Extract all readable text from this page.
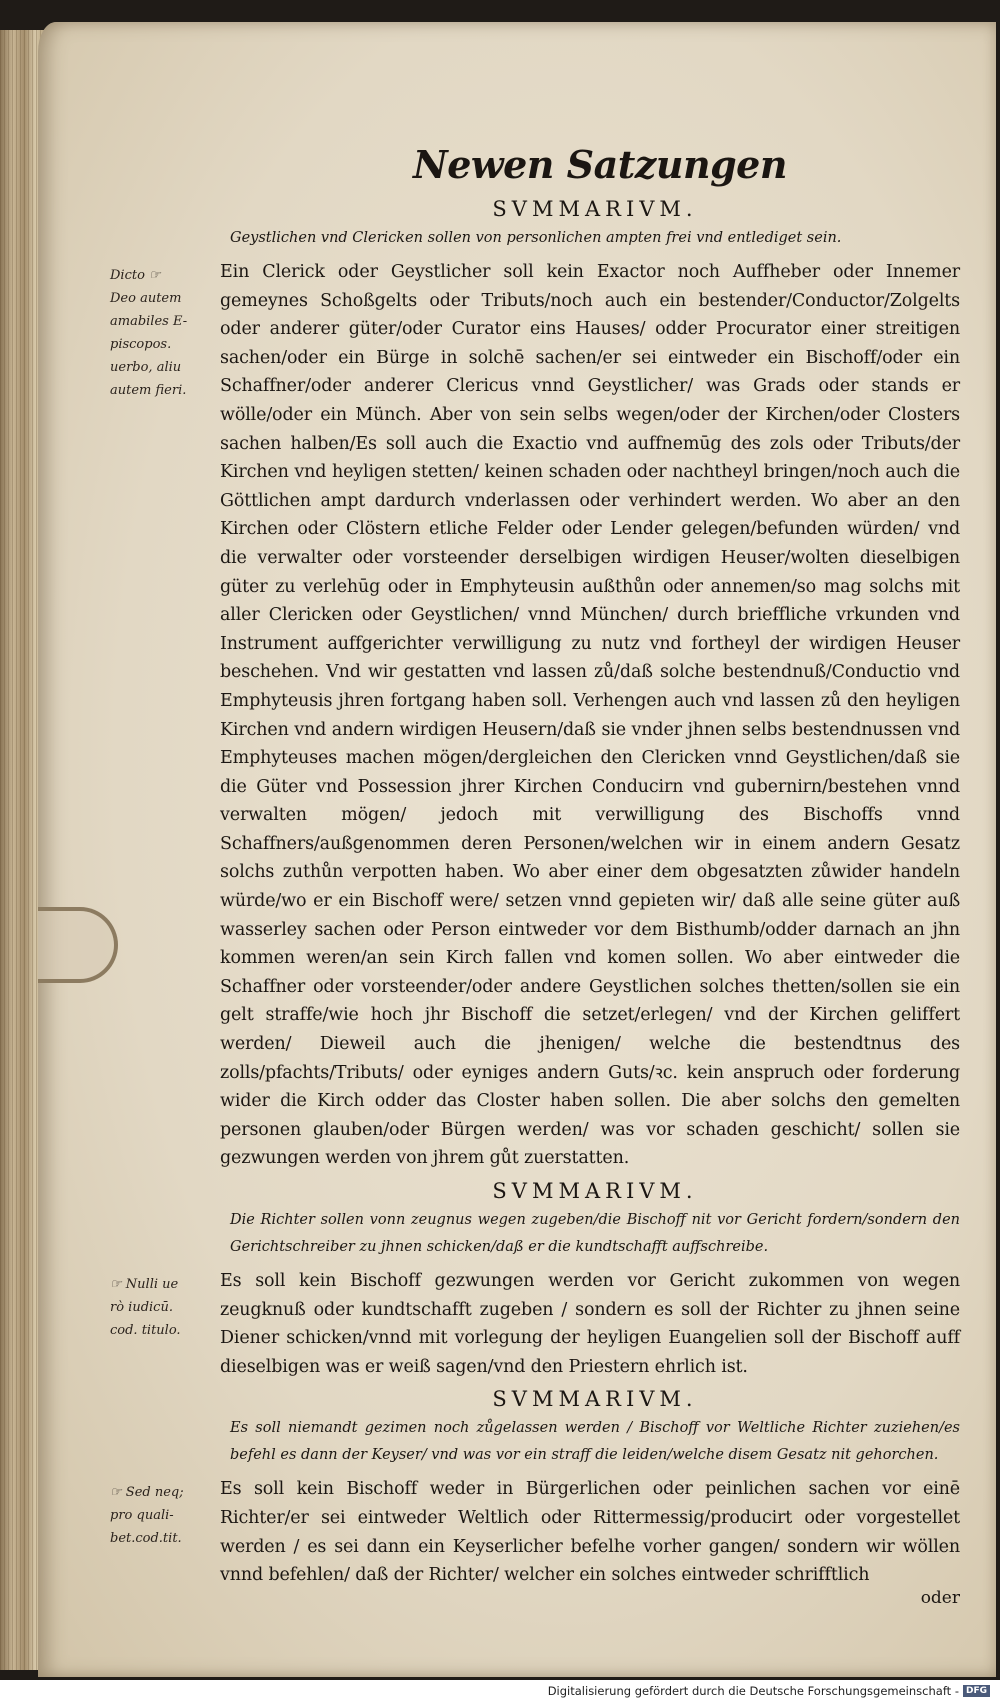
Newen Satzungen
SVMMARIVM.
Geystlichen vnd Clericken sollen von personlichen ampten frei vnd entlediget sein.
Dicto ☞
Deo autem
amabiles E-
piscopos.
uerbo, aliu
autem fieri.
Ein Clerick oder Geystlicher soll kein Exactor noch Auffheber oder Innemer gemeynes Schoßgelts oder Tributs/noch auch ein bestender/Conductor/Zolgelts oder anderer güter/oder Curator eins Hauses/ odder Procurator einer streitigen sachen/oder ein Bürge in solchē sachen/er sei eintweder ein Bischoff/oder ein Schaffner/oder anderer Clericus vnnd Geystlicher/ was Grads oder stands er wölle/oder ein Münch. Aber von sein selbs wegen/oder der Kirchen/oder Closters sachen halben/Es soll auch die Exactio vnd auffnemūg des zols oder Tributs/der Kirchen vnd heyligen stetten/ keinen schaden oder nachtheyl bringen/noch auch die Göttlichen ampt dardurch vnderlassen oder verhindert werden. Wo aber an den Kirchen oder Clöstern etliche Felder oder Lender gelegen/befunden würden/ vnd die verwalter oder vorsteender derselbigen wirdigen Heuser/wolten dieselbigen güter zu verlehūg oder in Emphyteusin außthůn oder annemen/so mag solchs mit aller Clericken oder Geystlichen/ vnnd München/ durch brieffliche vrkunden vnd Instrument auffgerichter verwilligung zu nutz vnd fortheyl der wirdigen Heuser beschehen. Vnd wir gestatten vnd lassen zů/daß solche bestendnuß/Conductio vnd Emphyteusis jhren fortgang haben soll. Verhengen auch vnd lassen zů den heyligen Kirchen vnd andern wirdigen Heusern/daß sie vnder jhnen selbs bestendnussen vnd Emphyteuses machen mögen/dergleichen den Clericken vnnd Geystlichen/daß sie die Güter vnd Possession jhrer Kirchen Conducirn vnd gubernirn/bestehen vnnd verwalten mögen/ jedoch mit verwilligung des Bischoffs vnnd Schaffners/außgenommen deren Personen/welchen wir in einem andern Gesatz solchs zuthůn verpotten haben. Wo aber einer dem obgesatzten zůwider handeln würde/wo er ein Bischoff were/ setzen vnnd gepieten wir/ daß alle seine güter auß wasserley sachen oder Person eintweder vor dem Bisthumb/odder darnach an jhn kommen weren/an sein Kirch fallen vnd komen sollen. Wo aber eintweder die Schaffner oder vorsteender/oder andere Geystlichen solches thetten/sollen sie ein gelt straffe/wie hoch jhr Bischoff die setzet/erlegen/ vnd der Kirchen geliffert werden/ Dieweil auch die jhenigen/ welche die bestendtnus des zolls/pfachts/Tributs/ oder eyniges andern Guts/ꝛc. kein anspruch oder forderung wider die Kirch odder das Closter haben sollen. Die aber solchs den gemelten personen glauben/oder Bürgen werden/ was vor schaden geschicht/ sollen sie gezwungen werden von jhrem gůt zuerstatten.
SVMMARIVM.
Die Richter sollen vonn zeugnus wegen zugeben/die Bischoff nit vor Gericht fordern/sondern den Gerichtschreiber zu jhnen schicken/daß er die kundtschafft auffschreibe.
☞ Nulli ue
rò iudicū.
cod. titulo.
Es soll kein Bischoff gezwungen werden vor Gericht zukommen von wegen zeugknuß oder kundtschafft zugeben / sondern es soll der Richter zu jhnen seine Diener schicken/vnnd mit vorlegung der heyligen Euangelien soll der Bischoff auff dieselbigen was er weiß sagen/vnd den Priestern ehrlich ist.
SVMMARIVM.
Es soll niemandt gezimen noch zůgelassen werden / Bischoff vor Weltliche Richter zuziehen/es befehl es dann der Keyser/ vnd was vor ein straff die leiden/welche disem Gesatz nit gehorchen.
☞ Sed neq;
pro quali-
bet.cod.tit.
Es soll kein Bischoff weder in Bürgerlichen oder peinlichen sachen vor einē Richter/er sei eintweder Weltlich oder Rittermessig/producirt oder vorgestellet werden / es sei dann ein Keyserlicher befelhe vorher gangen/ sondern wir wöllen vnnd befehlen/ daß der Richter/ welcher ein solches eintweder schrifftlich
oder
Digitalisierung gefördert durch die Deutsche Forschungsgemeinschaft - DFG
